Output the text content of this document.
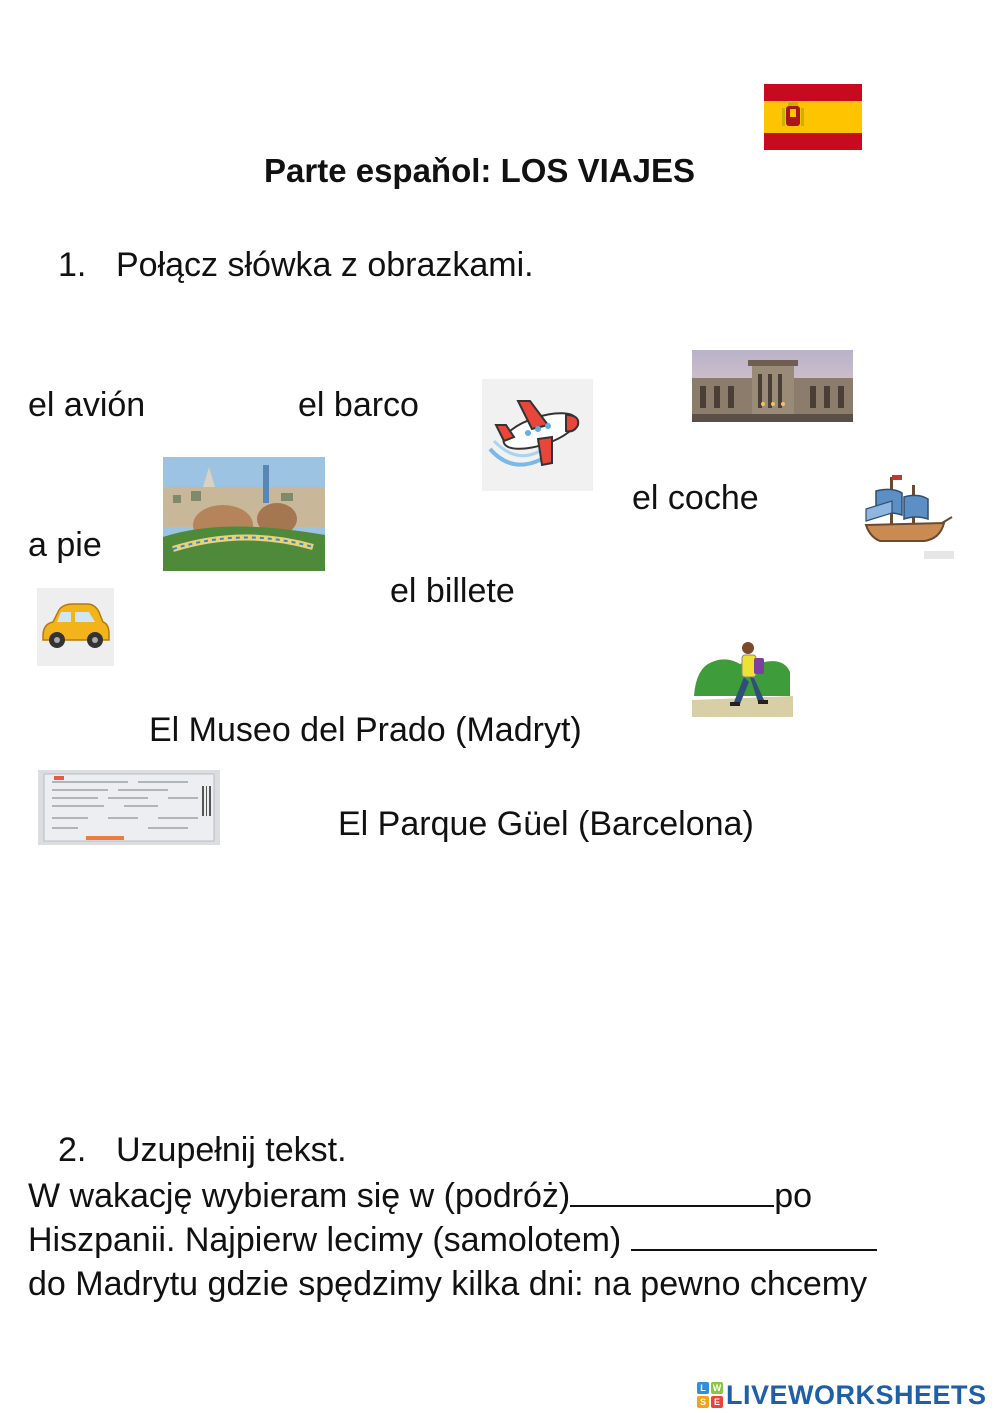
Parte espaňol: LOS VIAJES
1. Połącz słówka z obrazkami.
el avión	el barco
el coche
a pie
el billete
El Museo del Prado (Madryt)
El Parque Güel (Barcelona)
2. Uzupełnij tekst.
W wakację wybieram się w (podróż)	po
Hiszpanii. Najpierw lecimy (samolotem)
do Madrytu gdzie spędzimy kilka dni: na pewno chcemy
L W
S E LIVEWORKSHEETS
